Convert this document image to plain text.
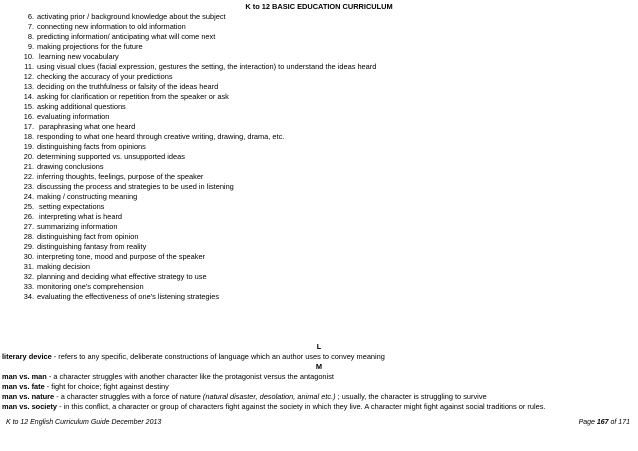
K to 12 BASIC EDUCATION CURRICULUM
6. activating prior / background knowledge about the subject
7. connecting new information to old information
8. predicting information/ anticipating what will come next
9. making projections for the future
10. learning new vocabulary
11. using visual clues (facial expression, gestures the setting, the interaction) to understand the ideas heard
12. checking the accuracy of your predictions
13. deciding on the truthfulness or falsity of the ideas heard
14. asking for clarification or repetition from the speaker or ask
15. asking additional questions
16. evaluating information
17. paraphrasing what one heard
18. responding to what one heard through creative writing, drawing, drama, etc.
19. distinguishing facts from opinions
20. determining supported vs. unsupported ideas
21. drawing conclusions
22. inferring thoughts, feelings, purpose of the speaker
23. discussing the process and strategies to be used in listening
24. making / constructing meaning
25. setting expectations
26. interpreting what is heard
27. summarizing information
28. distinguishing fact from opinion
29. distinguishing fantasy from reality
30. interpreting tone, mood and purpose of the speaker
31. making decision
32. planning and deciding what effective strategy to use
33. monitoring one's comprehension
34. evaluating the effectiveness of one's listening strategies
L
literary device - refers to any specific, deliberate constructions of language which an author uses to convey meaning
M
man vs. man - a character struggles with another character like the protagonist versus the antagonist
man vs. fate - fight for choice; fight against destiny
man vs. nature - a character struggles with a force of nature (natural disaster, desolation, animal etc.) ; usually, the character is struggling to survive
man vs. society - in this conflict, a character or group of characters fight against the society in which they live. A character might fight against social traditions or rules.
K to 12 English Curriculum Guide December 2013	Page 167 of 171
